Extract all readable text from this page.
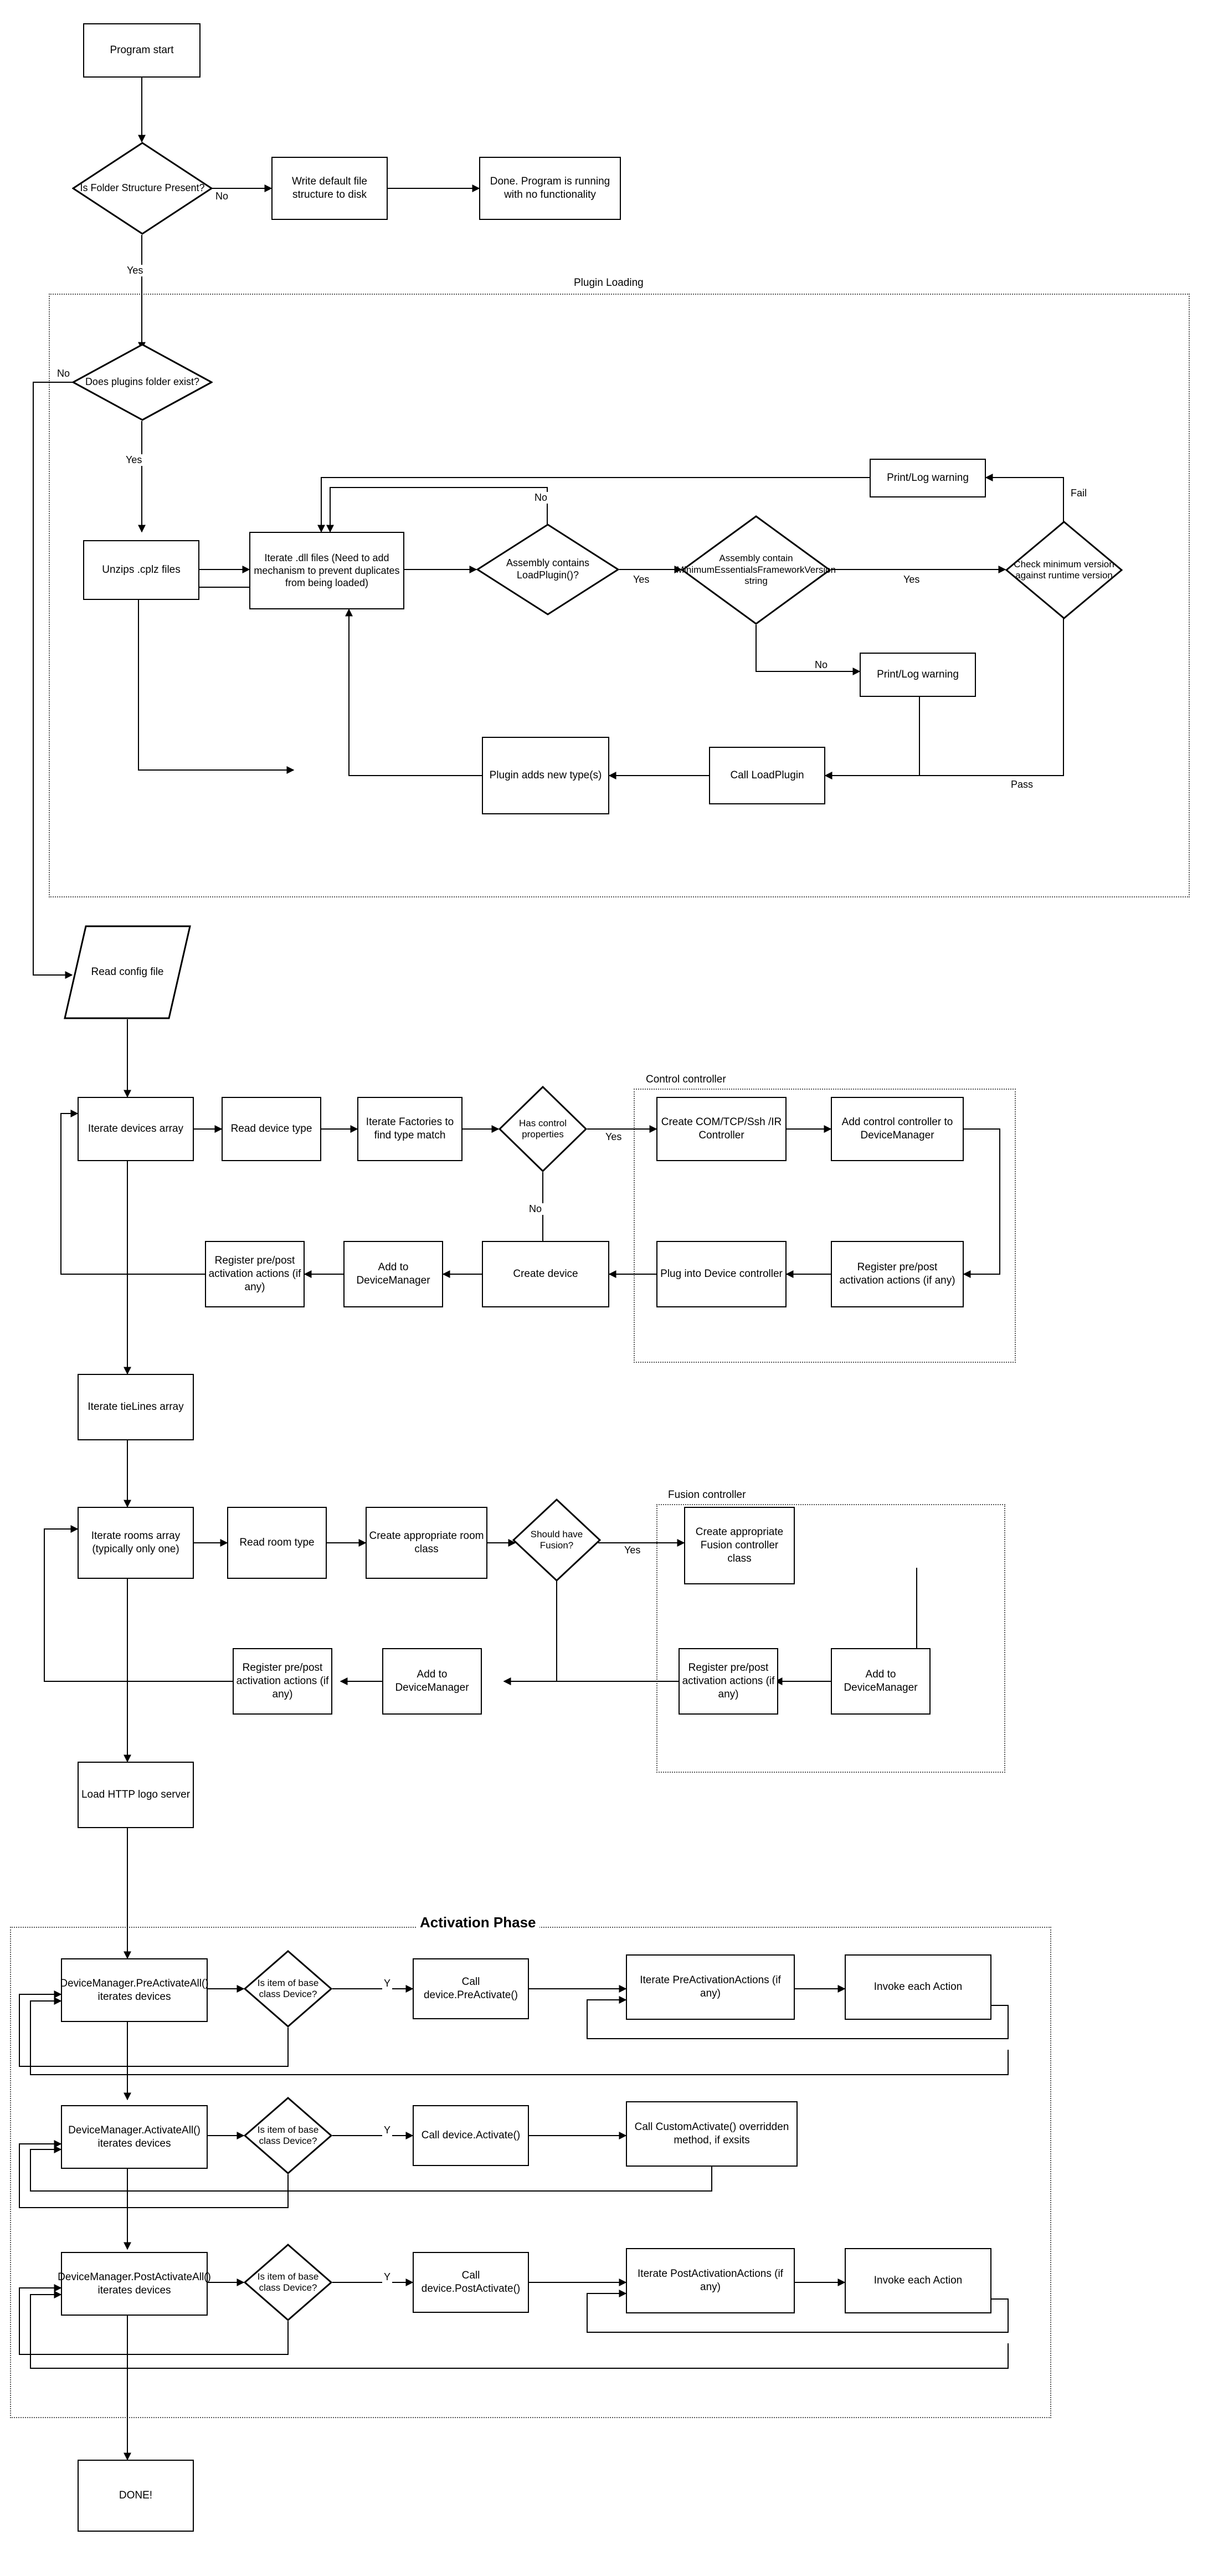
Plugin Loading
Control controller
Fusion controller
Activation Phase
Program start
Is Folder Structure Present?
No
Yes
Write default file structure to disk
Done. Program is running with no functionality
Does plugins folder exist?
No
Yes
Unzips .cplz files
Iterate .dll files (Need to add mechanism to prevent duplicates from being loaded)
Assembly contains LoadPlugin()?
No
Yes
Assembly contain MinimumEssentialsFrameworkVersion string	Yes
No
Check minimum version against runtime version
Fail
Pass
Print/Log warning
Print/Log warning
Call LoadPlugin
Plugin adds new type(s)
Read config file
Iterate devices array	Read device type
Iterate Factories to find type match
Has control properties	Yes
No
Create COM/TCP/Ssh /IR Controller
Add control controller to DeviceManager
Register pre/post activation actions (if any)
Plug into Device controller
Create device
Add to DeviceManager
Register pre/post activation actions (if any)
Iterate tieLines array
Iterate rooms array (typically only one)
Read room type
Create appropriate room class
Should have Fusion?	Yes
Create appropriate Fusion controller class
Register pre/post activation actions (if any)
Add to DeviceManager
Add to DeviceManager
Register pre/post activation actions (if any)
Load HTTP logo server
DeviceManager.PreActivateAll() iterates devices
Is item of base class Device?
Y	Call device.PreActivate()
Iterate PreActivationActions (if any)
Invoke each Action
DeviceManager.ActivateAll() iterates devices
Is item of base class Device?
Y	Call device.Activate()
Call CustomActivate() overridden method, if exsits
DeviceManager.PostActivateAll() iterates devices
Is item of base class Device?
Y	Call device.PostActivate()
Iterate PostActivationActions (if any)
Invoke each Action
DONE!
